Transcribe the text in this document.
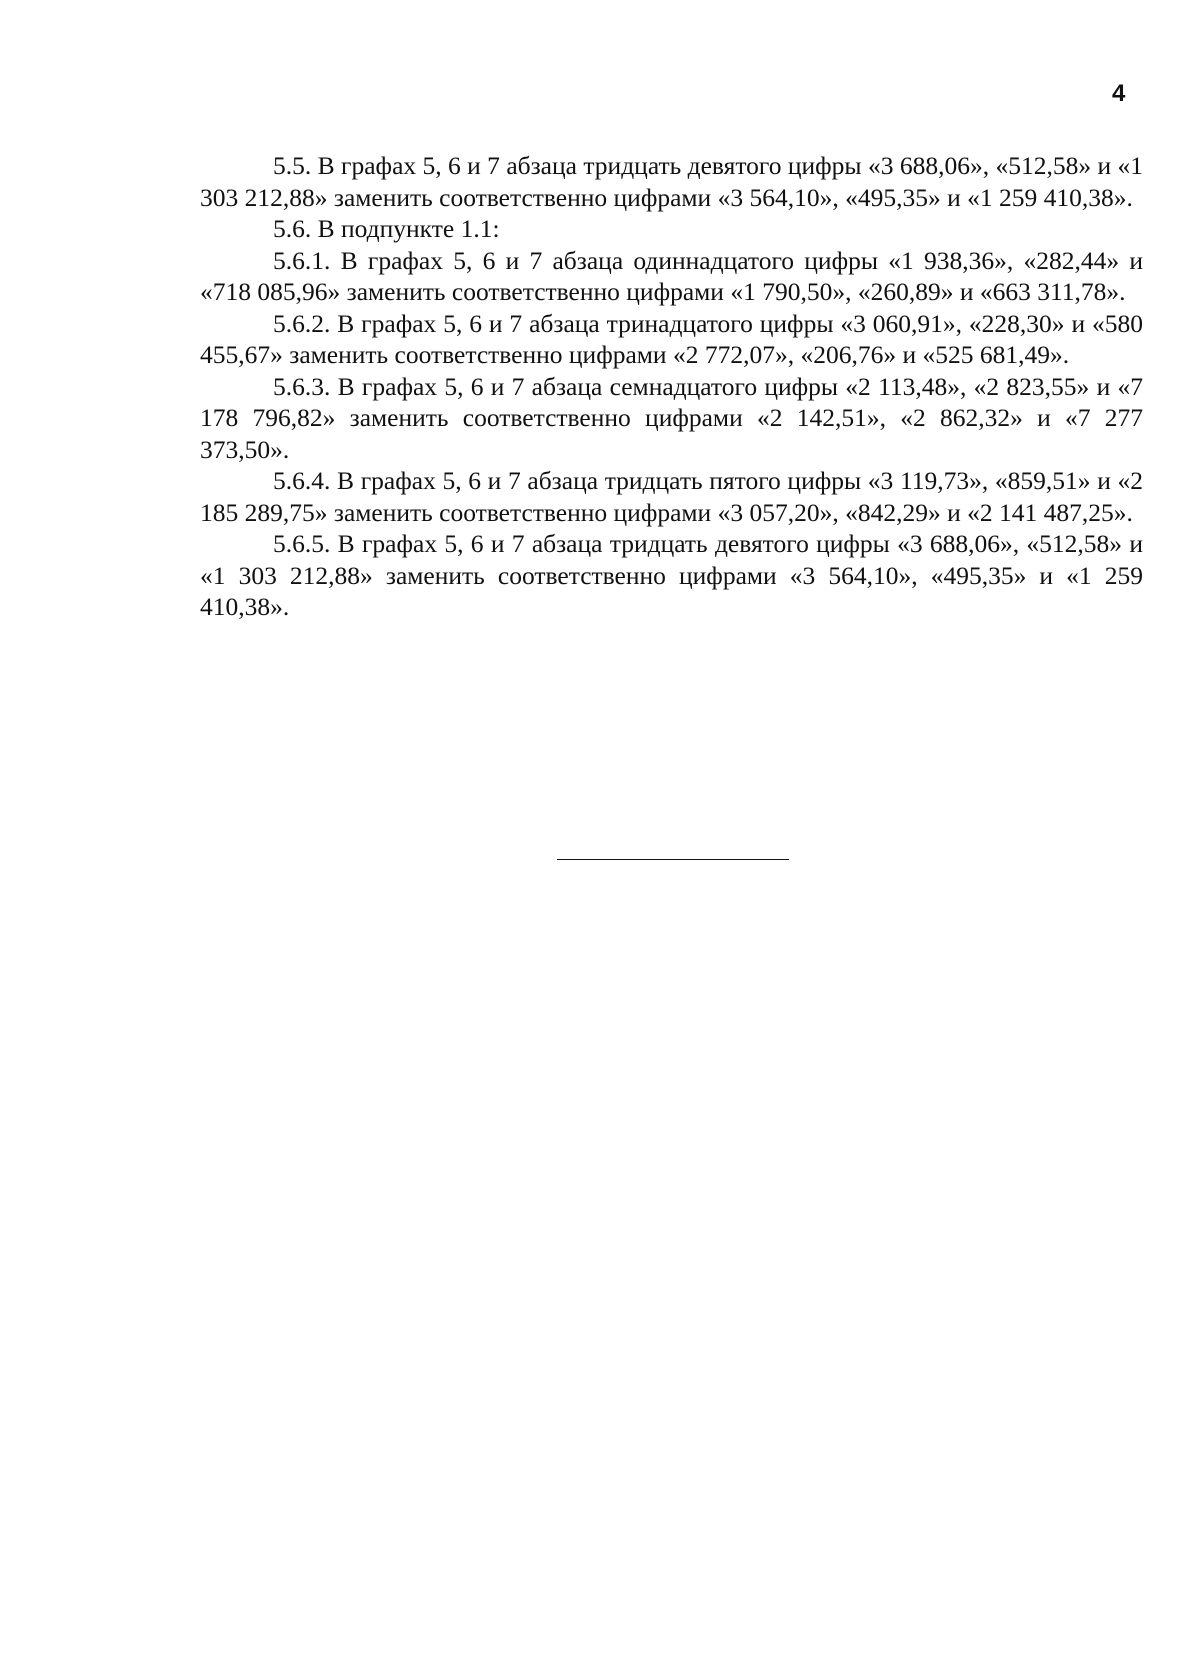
4

5.5. В графах 5, 6 и 7 абзаца тридцать девятого цифры «3 688,06», «512,58» и «1 303 212,88» заменить соответственно цифрами «3 564,10», «495,35» и «1 259 410,38».

5.6. В подпункте 1.1:

5.6.1. В графах 5, 6 и 7 абзаца одиннадцатого цифры «1 938,36», «282,44» и «718 085,96» заменить соответственно цифрами «1 790,50», «260,89» и «663 311,78».

5.6.2. В графах 5, 6 и 7 абзаца тринадцатого цифры «3 060,91», «228,30» и «580 455,67» заменить соответственно цифрами «2 772,07», «206,76» и «525 681,49».

5.6.3. В графах 5, 6 и 7 абзаца семнадцатого цифры «2 113,48», «2 823,55» и «7 178 796,82» заменить соответственно цифрами «2 142,51», «2 862,32» и «7 277 373,50».

5.6.4. В графах 5, 6 и 7 абзаца тридцать пятого цифры «3 119,73», «859,51» и «2 185 289,75» заменить соответственно цифрами «3 057,20», «842,29» и «2 141 487,25».

5.6.5. В графах 5, 6 и 7 абзаца тридцать девятого цифры «3 688,06», «512,58» и «1 303 212,88» заменить соответственно цифрами «3 564,10», «495,35» и «1 259 410,38».
